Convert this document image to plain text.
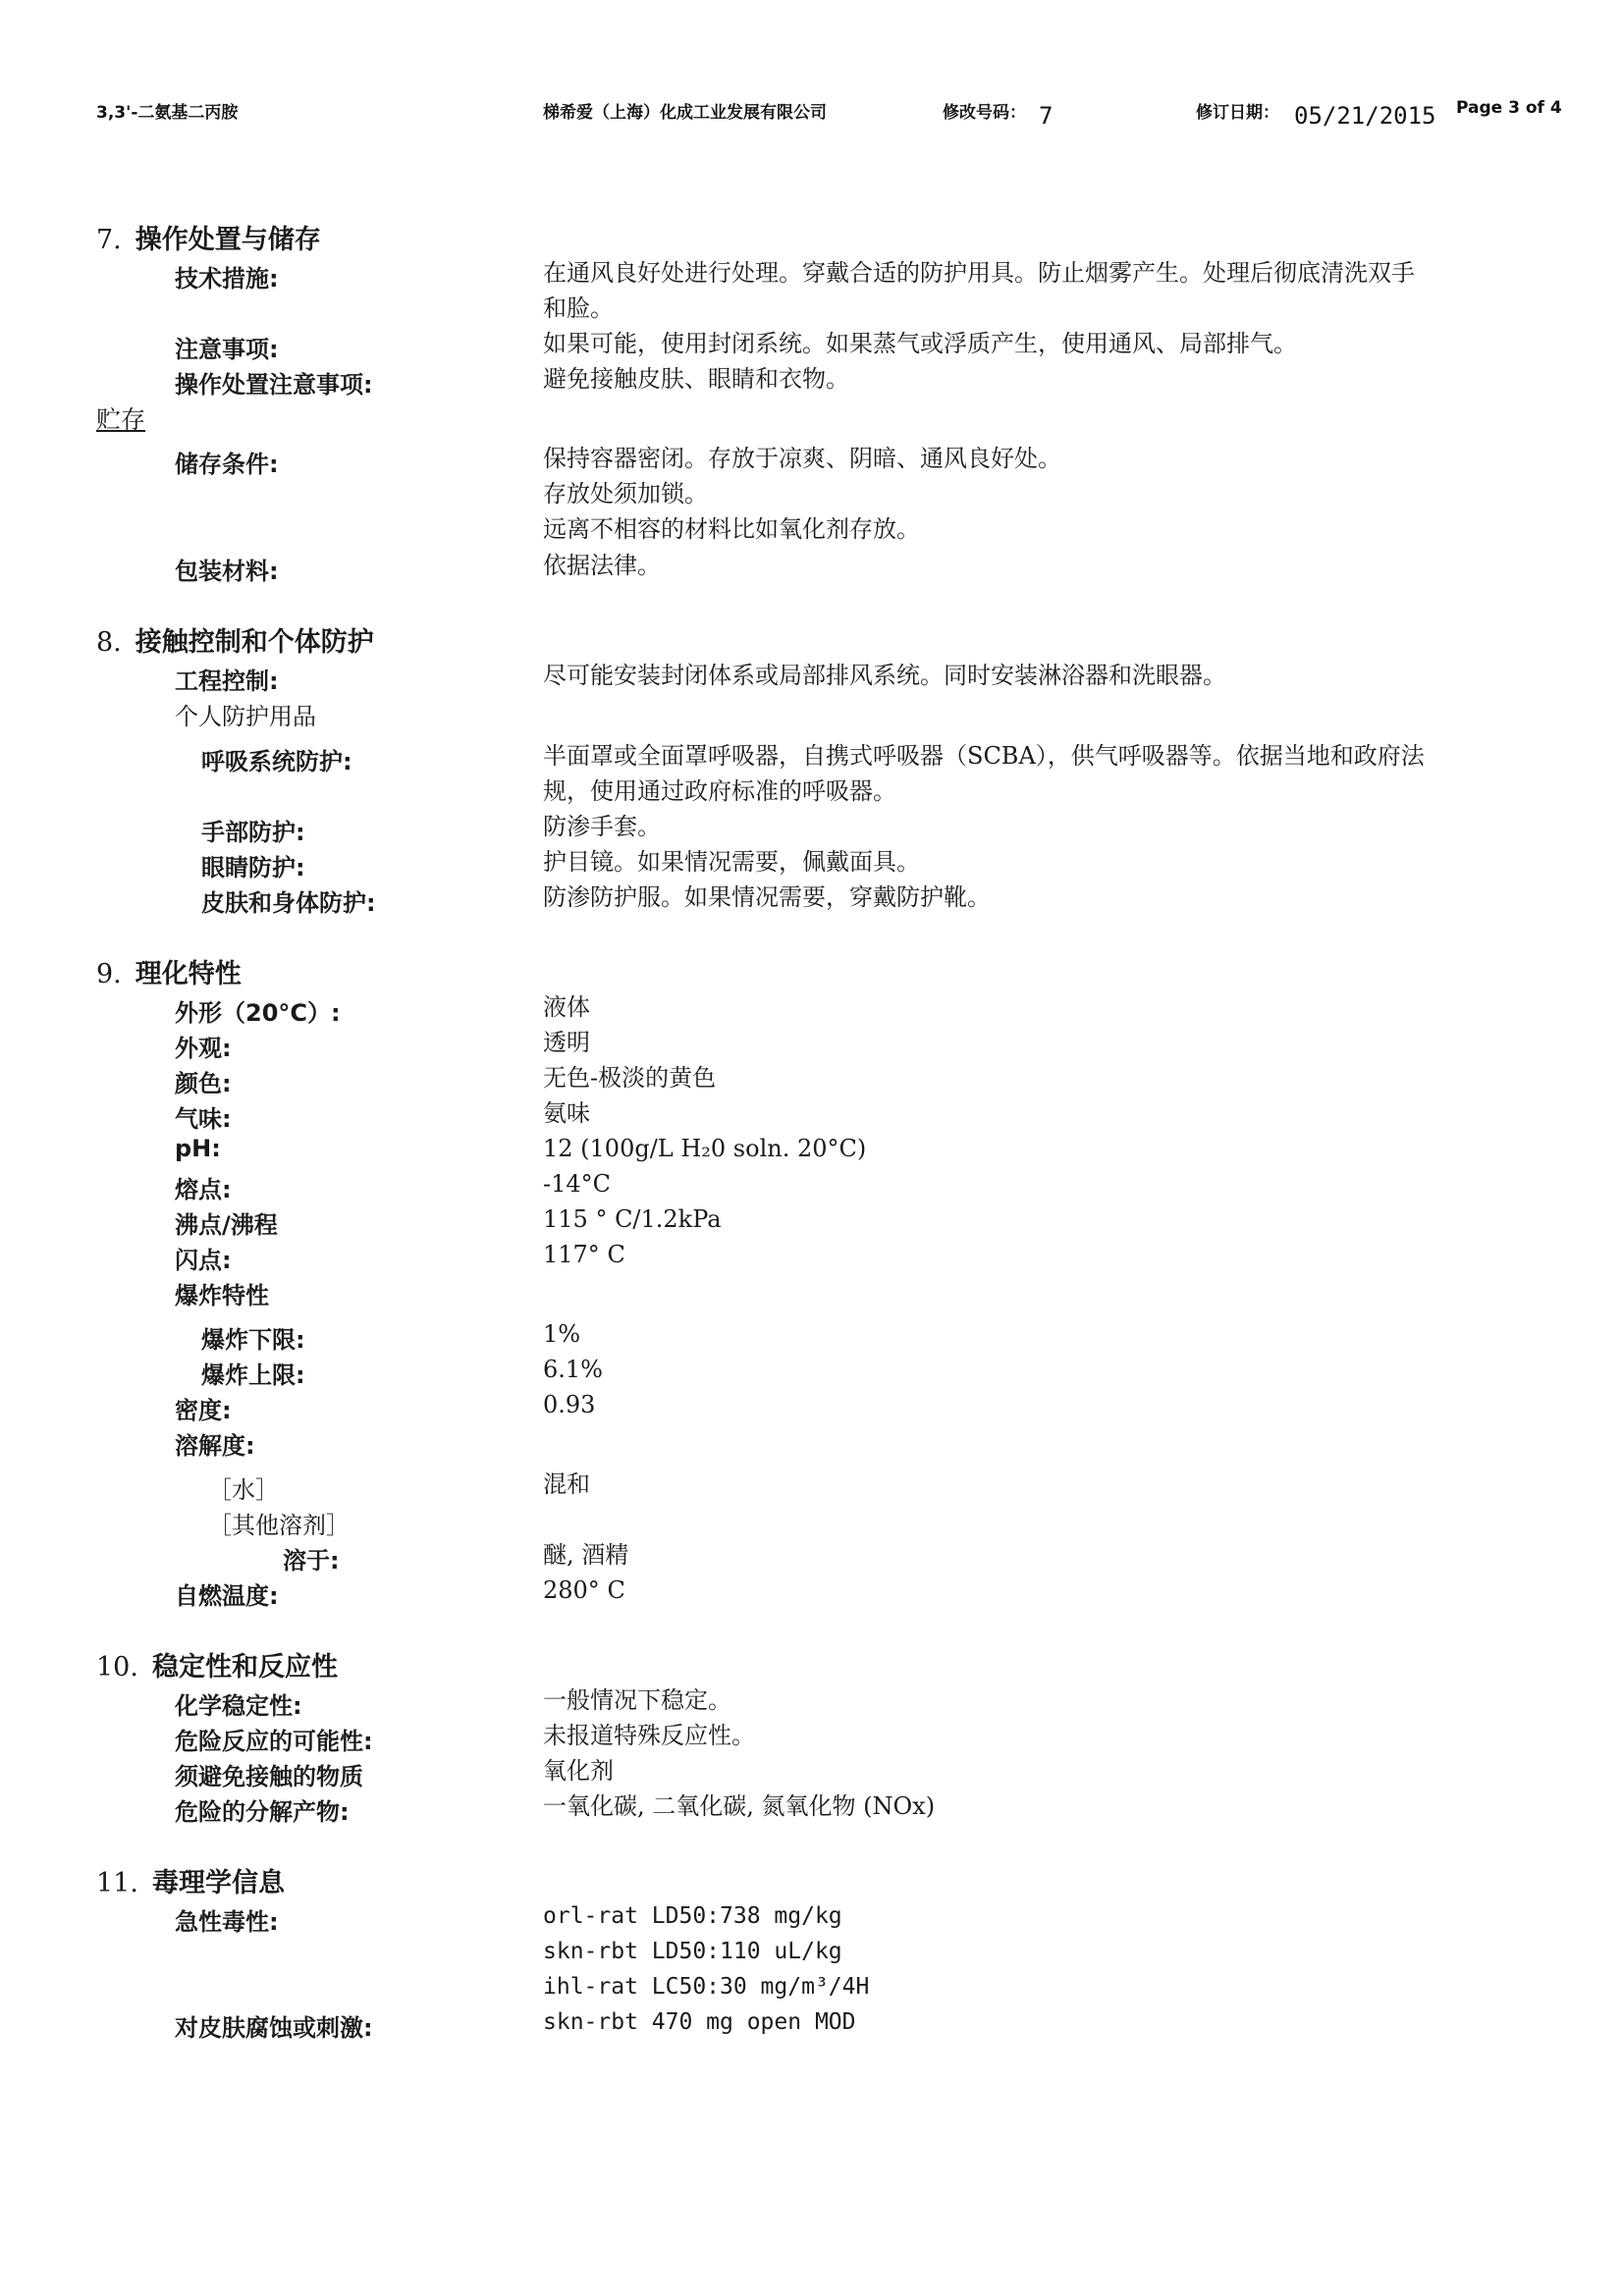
3,3'-二氨基二丙胺	梯希爱（上海）化成工业发展有限公司	修改号码： 7	修订日期： 05/21/2015	Page 3 of 4
7. 操作处置与储存
技术措施:	在通风良好处进行处理。穿戴合适的防护用具。防止烟雾产生。处理后彻底清洗双手
和脸。
注意事项:	如果可能，使用封闭系统。如果蒸气或浮质产生，使用通风、局部排气。
操作处置注意事项:	避免接触皮肤、眼睛和衣物。
贮存
储存条件:	保持容器密闭。存放于凉爽、阴暗、通风良好处。
存放处须加锁。
远离不相容的材料比如氧化剂存放。
包装材料:	依据法律。
8. 接触控制和个体防护
工程控制:	尽可能安装封闭体系或局部排风系统。同时安装淋浴器和洗眼器。
个人防护用品
呼吸系统防护:	半面罩或全面罩呼吸器，自携式呼吸器（SCBA），供气呼吸器等。依据当地和政府法
规，使用通过政府标准的呼吸器。
手部防护:	防渗手套。
眼睛防护:	护目镜。如果情况需要，佩戴面具。
皮肤和身体防护:	防渗防护服。如果情况需要，穿戴防护靴。
9. 理化特性
外形（20°C）:	液体
外观:	透明
颜色:	无色-极淡的黄色
气味:	氨味
pH:	12 (100g/L H₂0 soln. 20°C)
熔点:	-14°C
沸点/沸程	115 ° C/1.2kPa
闪点:	117° C
爆炸特性
爆炸下限:	1%
爆炸上限:	6.1%
密度:	0.93
溶解度:
［水］	混和
［其他溶剂］
溶于:	醚, 酒精
自燃温度:	280° C
10. 稳定性和反应性
化学稳定性:	一般情况下稳定。
危险反应的可能性:	未报道特殊反应性。
须避免接触的物质	氧化剂
危险的分解产物:	一氧化碳, 二氧化碳, 氮氧化物 (NOx)
11. 毒理学信息
急性毒性:	orl-rat LD50:738 mg/kg
skn-rbt LD50:110 uL/kg
ihl-rat LC50:30 mg/m³/4H
对皮肤腐蚀或刺激:	skn-rbt 470 mg open MOD
